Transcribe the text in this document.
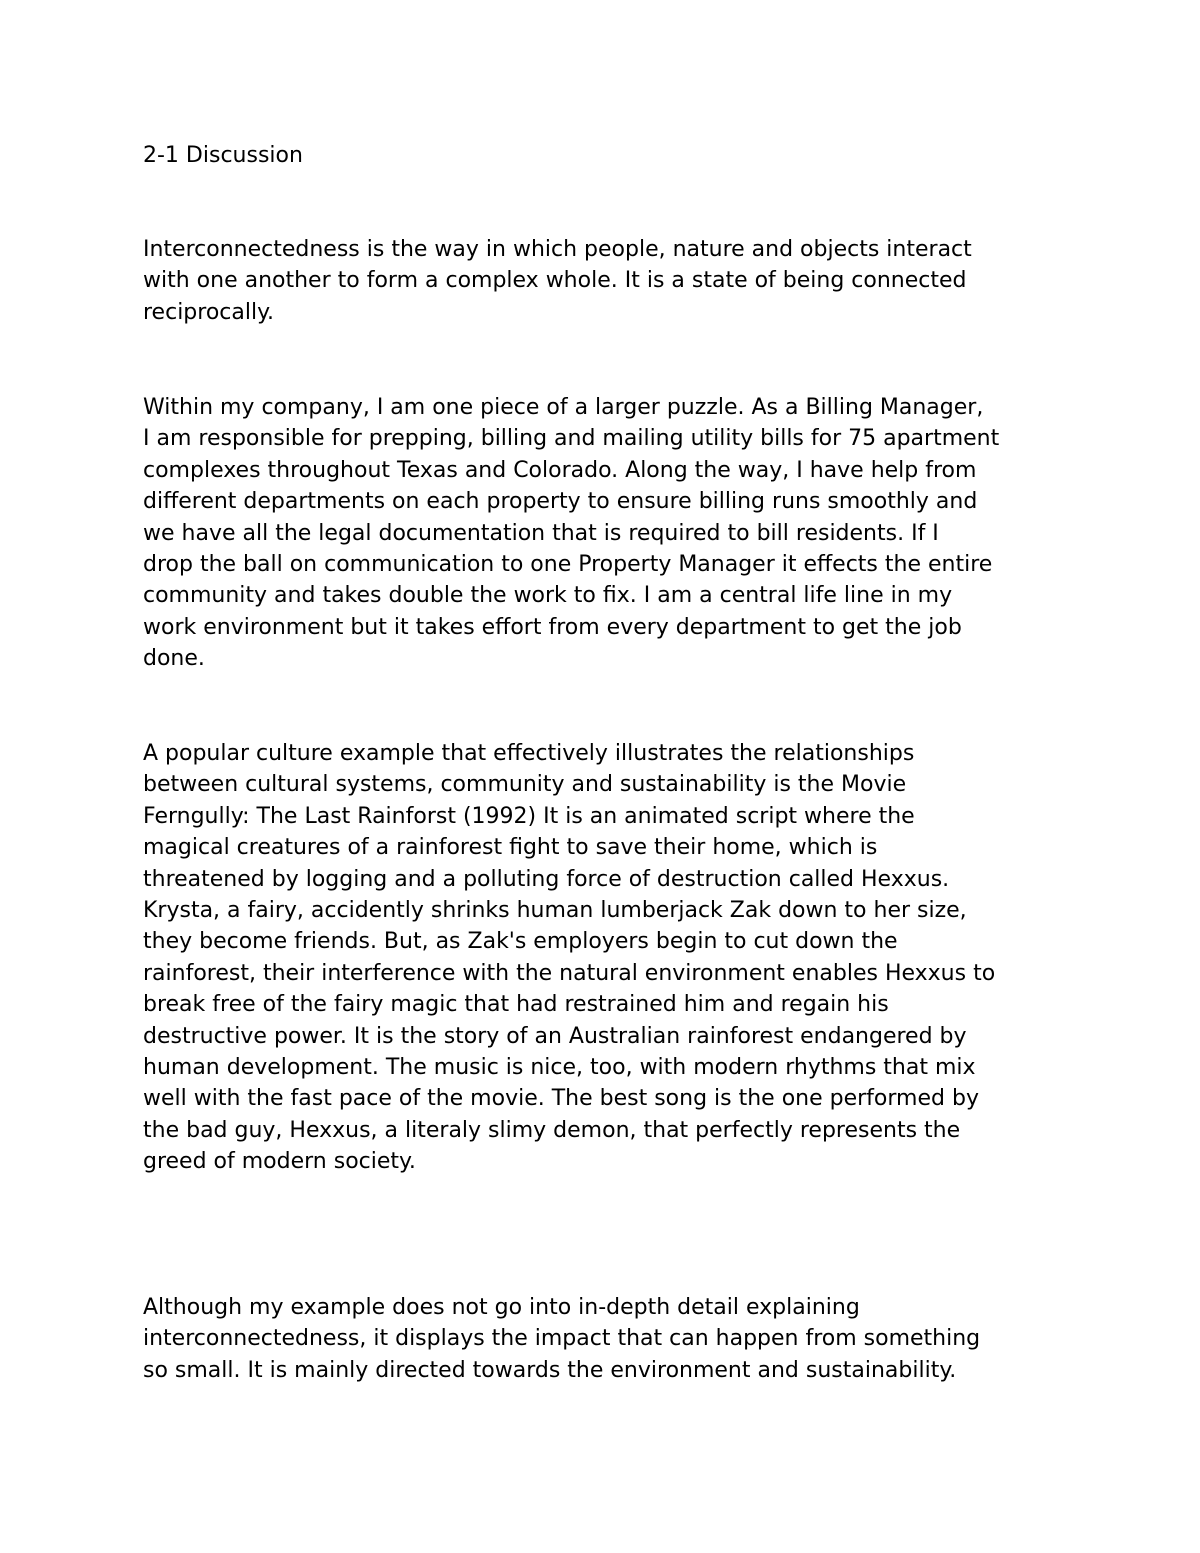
2-1 Discussion

Interconnectedness is the way in which people, nature and objects interact
with one another to form a complex whole. It is a state of being connected
reciprocally.

Within my company, I am one piece of a larger puzzle. As a Billing Manager,
I am responsible for prepping, billing and mailing utility bills for 75 apartment
complexes throughout Texas and Colorado. Along the way, I have help from
different departments on each property to ensure billing runs smoothly and
we have all the legal documentation that is required to bill residents. If I
drop the ball on communication to one Property Manager it effects the entire
community and takes double the work to fix. I am a central life line in my
work environment but it takes effort from every department to get the job
done.

A popular culture example that effectively illustrates the relationships
between cultural systems, community and sustainability is the Movie
Ferngully: The Last Rainforst (1992) It is an animated script where the
magical creatures of a rainforest fight to save their home, which is
threatened by logging and a polluting force of destruction called Hexxus.
Krysta, a fairy, accidently shrinks human lumberjack Zak down to her size,
they become friends. But, as Zak's employers begin to cut down the
rainforest, their interference with the natural environment enables Hexxus to
break free of the fairy magic that had restrained him and regain his
destructive power. It is the story of an Australian rainforest endangered by
human development. The music is nice, too, with modern rhythms that mix
well with the fast pace of the movie. The best song is the one performed by
the bad guy, Hexxus, a literaly slimy demon, that perfectly represents the
greed of modern society.

Although my example does not go into in-depth detail explaining
interconnectedness, it displays the impact that can happen from something
so small. It is mainly directed towards the environment and sustainability.
